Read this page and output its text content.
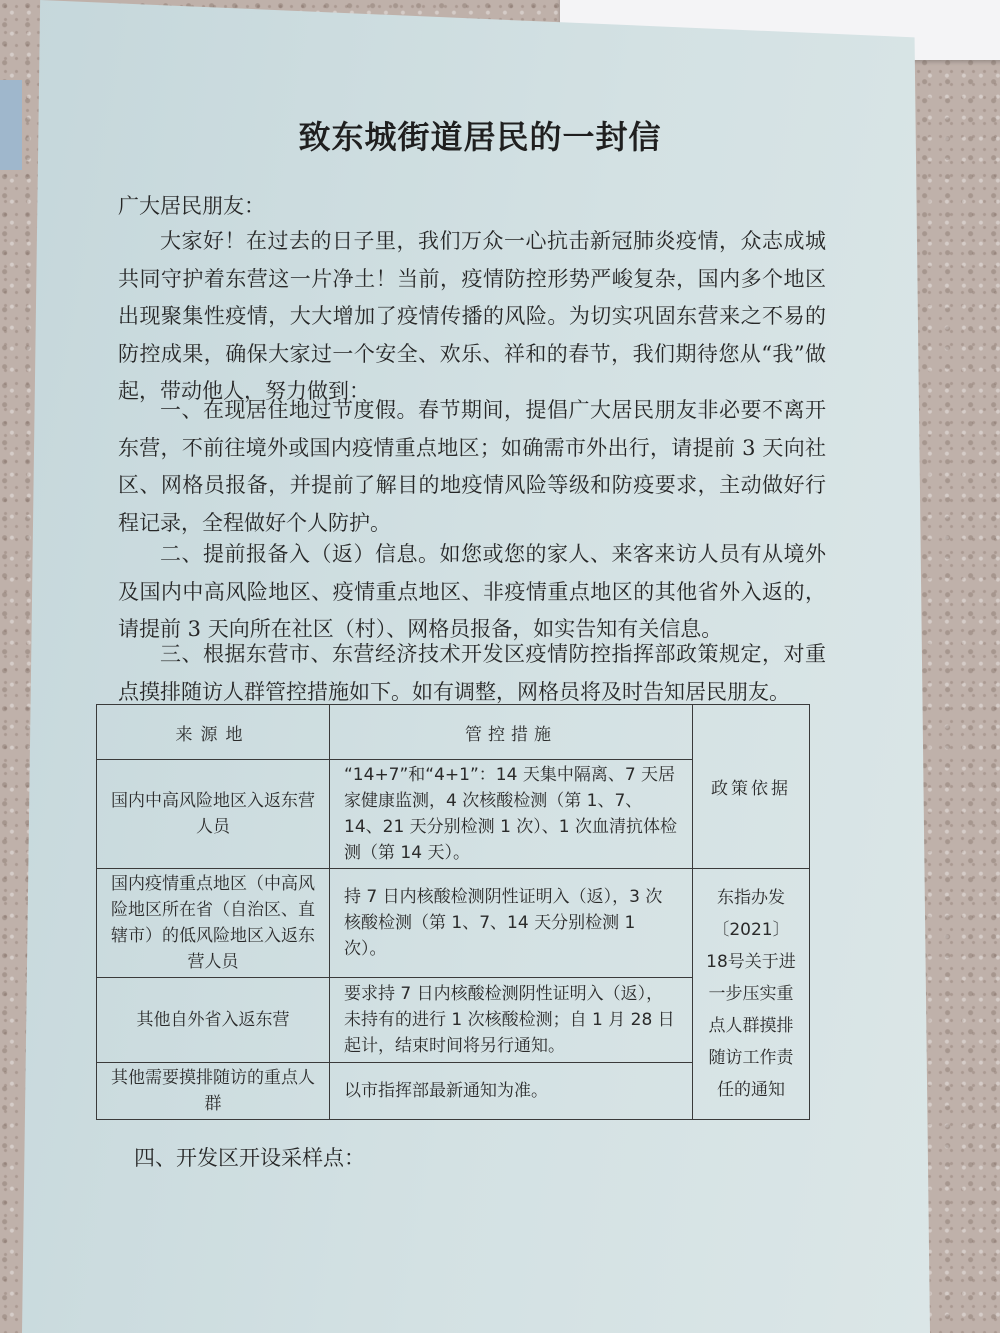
致东城街道居民的一封信
广大居民朋友：
大家好！在过去的日子里，我们万众一心抗击新冠肺炎疫情，众志成城共同守护着东营这一片净土！当前，疫情防控形势严峻复杂，国内多个地区出现聚集性疫情，大大增加了疫情传播的风险。为切实巩固东营来之不易的防控成果，确保大家过一个安全、欢乐、祥和的春节，我们期待您从“我”做起，带动他人，努力做到：
一、在现居住地过节度假。春节期间，提倡广大居民朋友非必要不离开东营，不前往境外或国内疫情重点地区；如确需市外出行，请提前 3 天向社区、网格员报备，并提前了解目的地疫情风险等级和防疫要求，主动做好行程记录，全程做好个人防护。
二、提前报备入（返）信息。如您或您的家人、来客来访人员有从境外及国内中高风险地区、疫情重点地区、非疫情重点地区的其他省外入返的，请提前 3 天向所在社区（村）、网格员报备，如实告知有关信息。
三、根据东营市、东营经济技术开发区疫情防控指挥部政策规定，对重点摸排随访人群管控措施如下。如有调整，网格员将及时告知居民朋友。
来源地	管控措施	政策依据
国内中高风险地区入返东营人员	“14+7”和“4+1”：14 天集中隔离、7 天居家健康监测，4 次核酸检测（第 1、7、14、21 天分别检测 1 次）、1 次血清抗体检测（第 14 天）。	
国内疫情重点地区（中高风险地区所在省（自治区、直辖市）的低风险地区入返东营人员	持 7 日内核酸检测阴性证明入（返），3 次核酸检测（第 1、7、14 天分别检测 1 次）。	东指办发〔2021〕18号关于进一步压实重点人群摸排随访工作责任的通知
其他自外省入返东营	要求持 7 日内核酸检测阴性证明入（返），未持有的进行 1 次核酸检测；自 1 月 28 日起计，结束时间将另行通知。	
其他需要摸排随访的重点人群	以市指挥部最新通知为准。	
四、开发区开设采样点：
